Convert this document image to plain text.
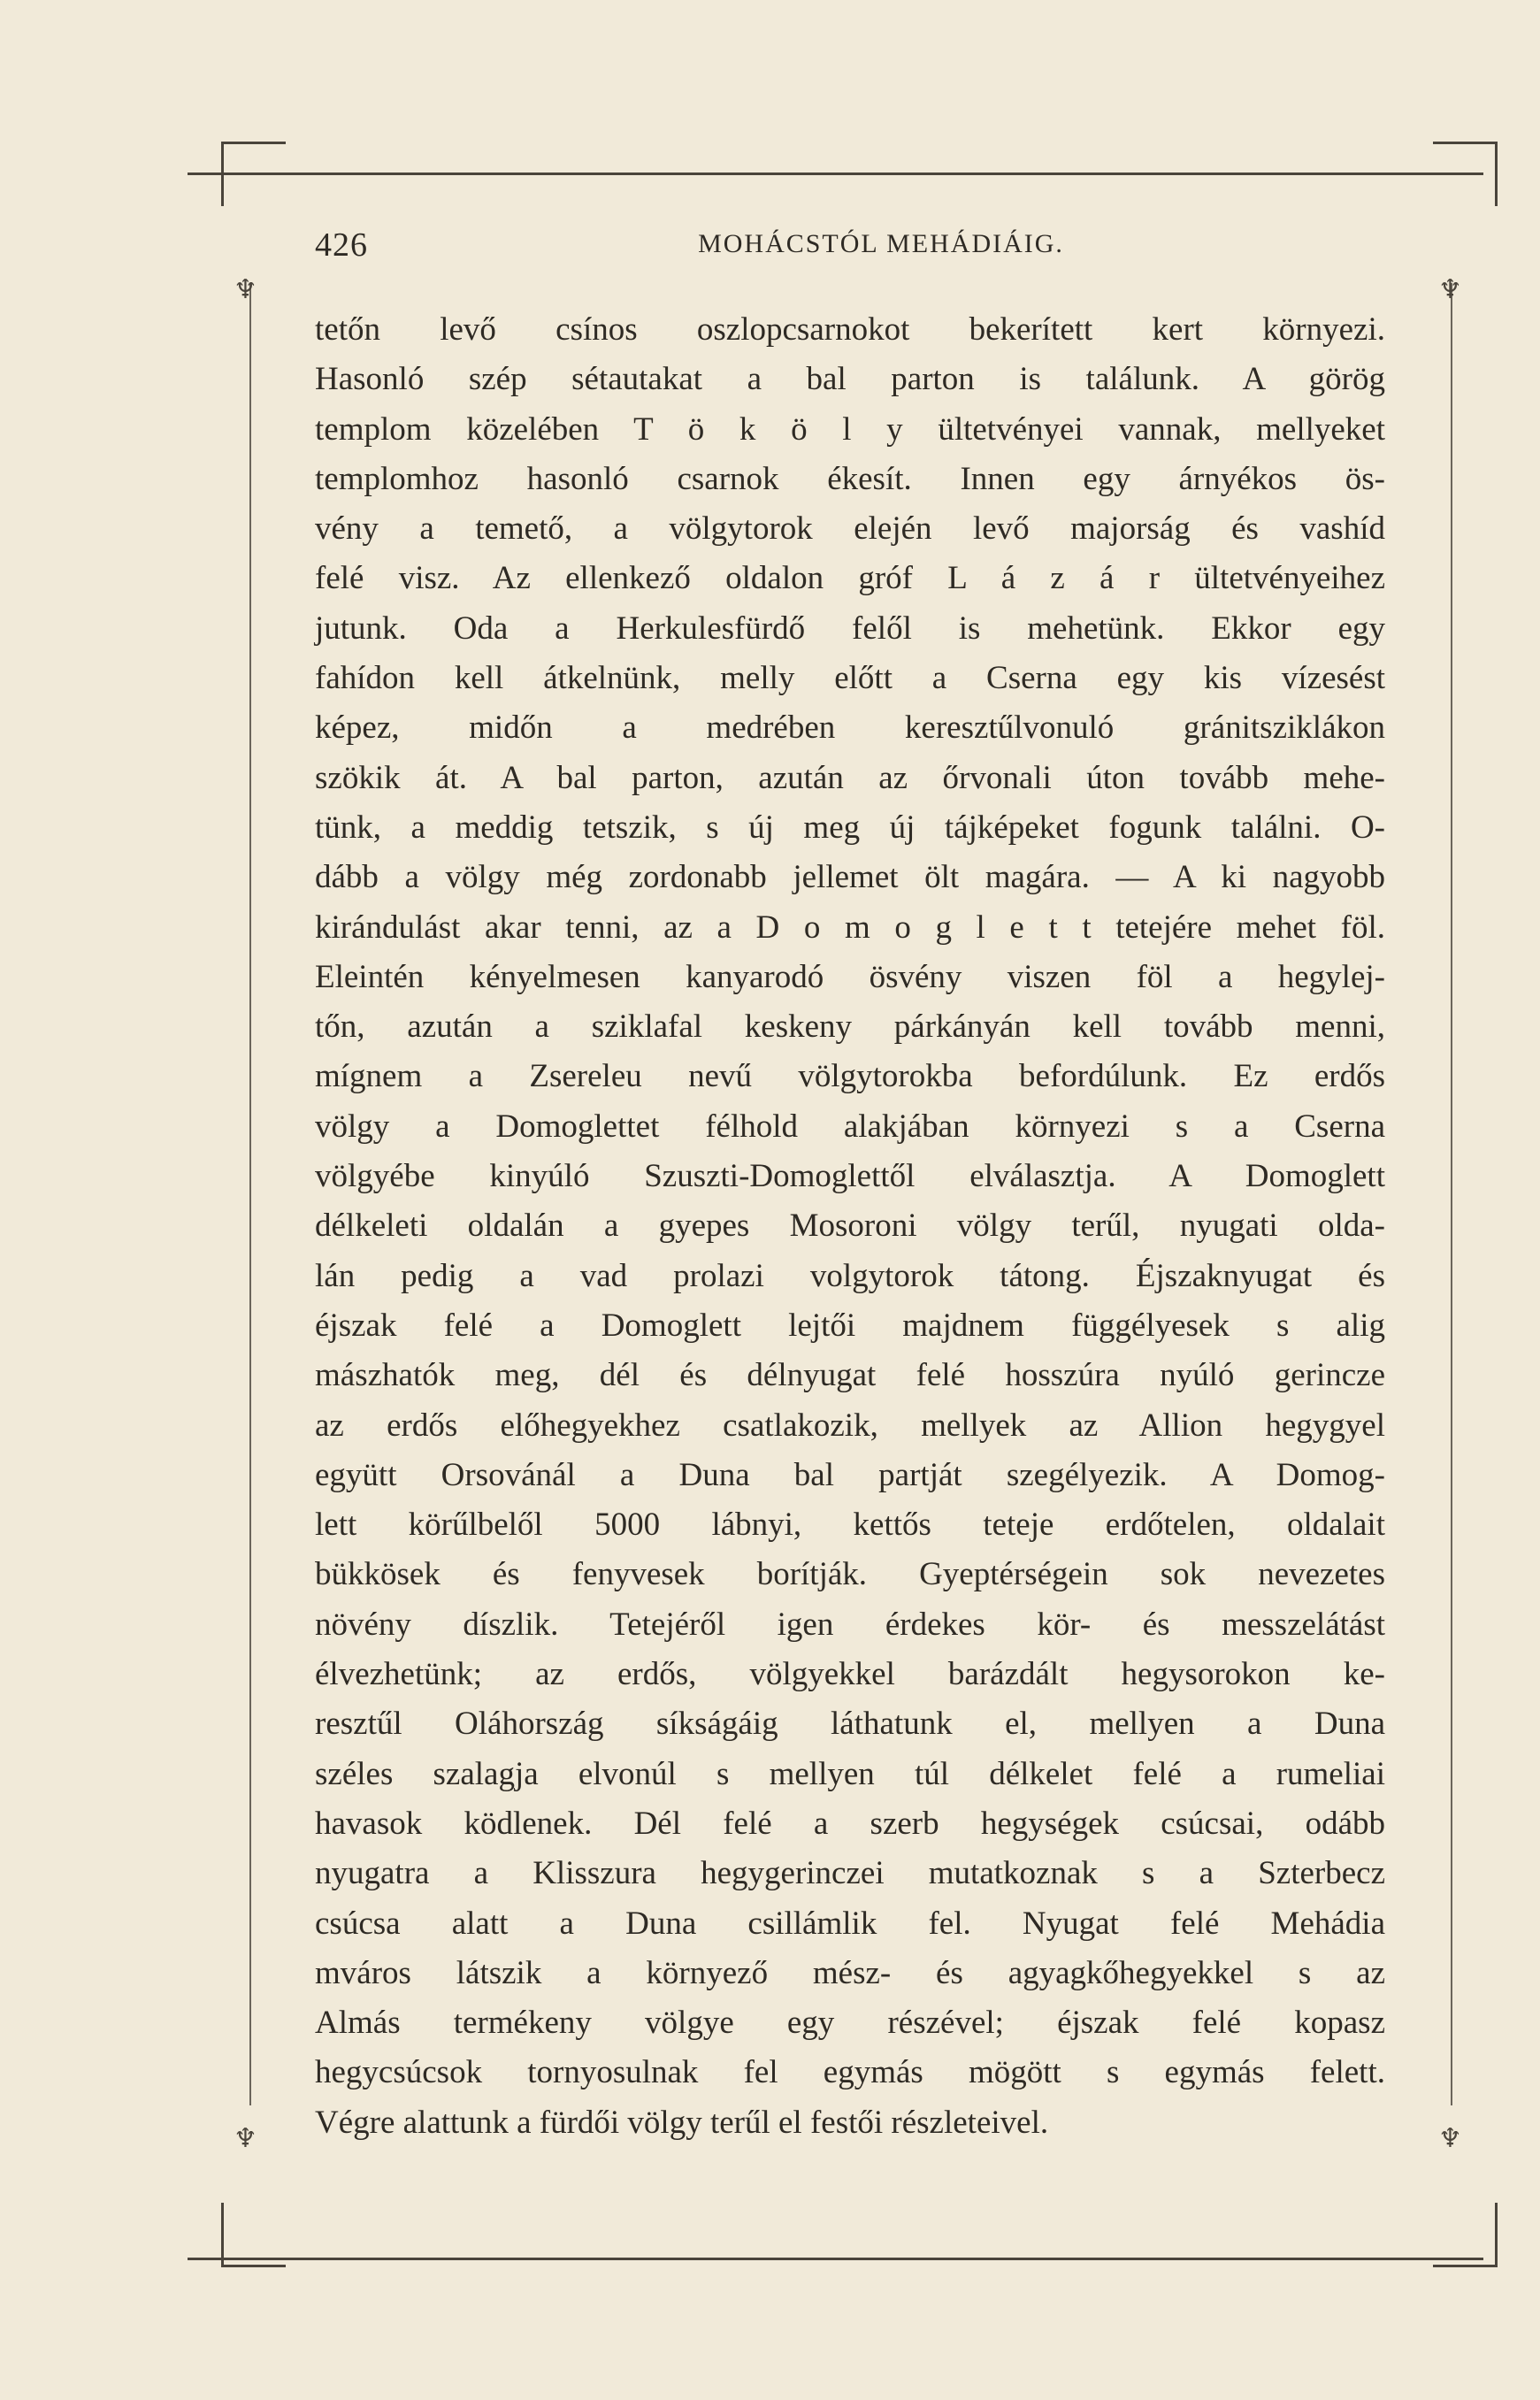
♆	♆
♆	♆
426	MOHÁCSTÓL MEHÁDIÁIG.
tetőn levő csínos oszlopcsarnokot bekerített kert környezi.
Hasonló szép sétautakat a bal parton is találunk. A görög
templom közelében T ö k ö l y ültetvényei vannak, mellyeket
templomhoz hasonló csarnok ékesít. Innen egy árnyékos ös-
vény a temető, a völgytorok elején levő majorság és vashíd
felé visz. Az ellenkező oldalon gróf L á z á r ültetvényeihez
jutunk. Oda a Herkulesfürdő felől is mehetünk. Ekkor egy
fahídon kell átkelnünk, melly előtt a Cserna egy kis vízesést
képez, midőn a medrében keresztűlvonuló gránitsziklákon
szökik át. A bal parton, azután az őrvonali úton tovább mehe-
tünk, a meddig tetszik, s új meg új tájképeket fogunk találni. O-
dább a völgy még zordonabb jellemet ölt magára. — A ki nagyobb
kirándulást akar tenni, az a D o m o g l e t t tetejére mehet föl.
Eleintén kényelmesen kanyarodó ösvény viszen föl a hegylej-
tőn, azután a sziklafal keskeny párkányán kell tovább menni,
mígnem a Zsereleu nevű völgytorokba befordúlunk. Ez erdős
völgy a Domoglettet félhold alakjában környezi s a Cserna
völgyébe kinyúló Szuszti-Domoglettől elválasztja. A Domoglett
délkeleti oldalán a gyepes Mosoroni völgy terűl, nyugati olda-
lán pedig a vad prolazi volgytorok tátong. Éjszaknyugat és
éjszak felé a Domoglett lejtői majdnem függélyesek s alig
mászhatók meg, dél és délnyugat felé hosszúra nyúló gerincze
az erdős előhegyekhez csatlakozik, mellyek az Allion hegygyel
együtt Orsovánál a Duna bal partját szegélyezik. A Domog-
lett körűlbelől 5000 lábnyi, kettős teteje erdőtelen, oldalait
bükkösek és fenyvesek borítják. Gyeptérségein sok nevezetes
növény díszlik. Tetejéről igen érdekes kör- és messzelátást
élvezhetünk; az erdős, völgyekkel barázdált hegysorokon ke-
resztűl Oláhország síkságáig láthatunk el, mellyen a Duna
széles szalagja elvonúl s mellyen túl délkelet felé a rumeliai
havasok ködlenek. Dél felé a szerb hegységek csúcsai, odább
nyugatra a Klisszura hegygerinczei mutatkoznak s a Szterbecz
csúcsa alatt a Duna csillámlik fel. Nyugat felé Mehádia
mváros látszik a környező mész- és agyagkőhegyekkel s az
Almás termékeny völgye egy részével; éjszak felé kopasz
hegycsúcsok tornyosulnak fel egymás mögött s egymás felett.
Végre alattunk a fürdői völgy terűl el festői részleteivel.
